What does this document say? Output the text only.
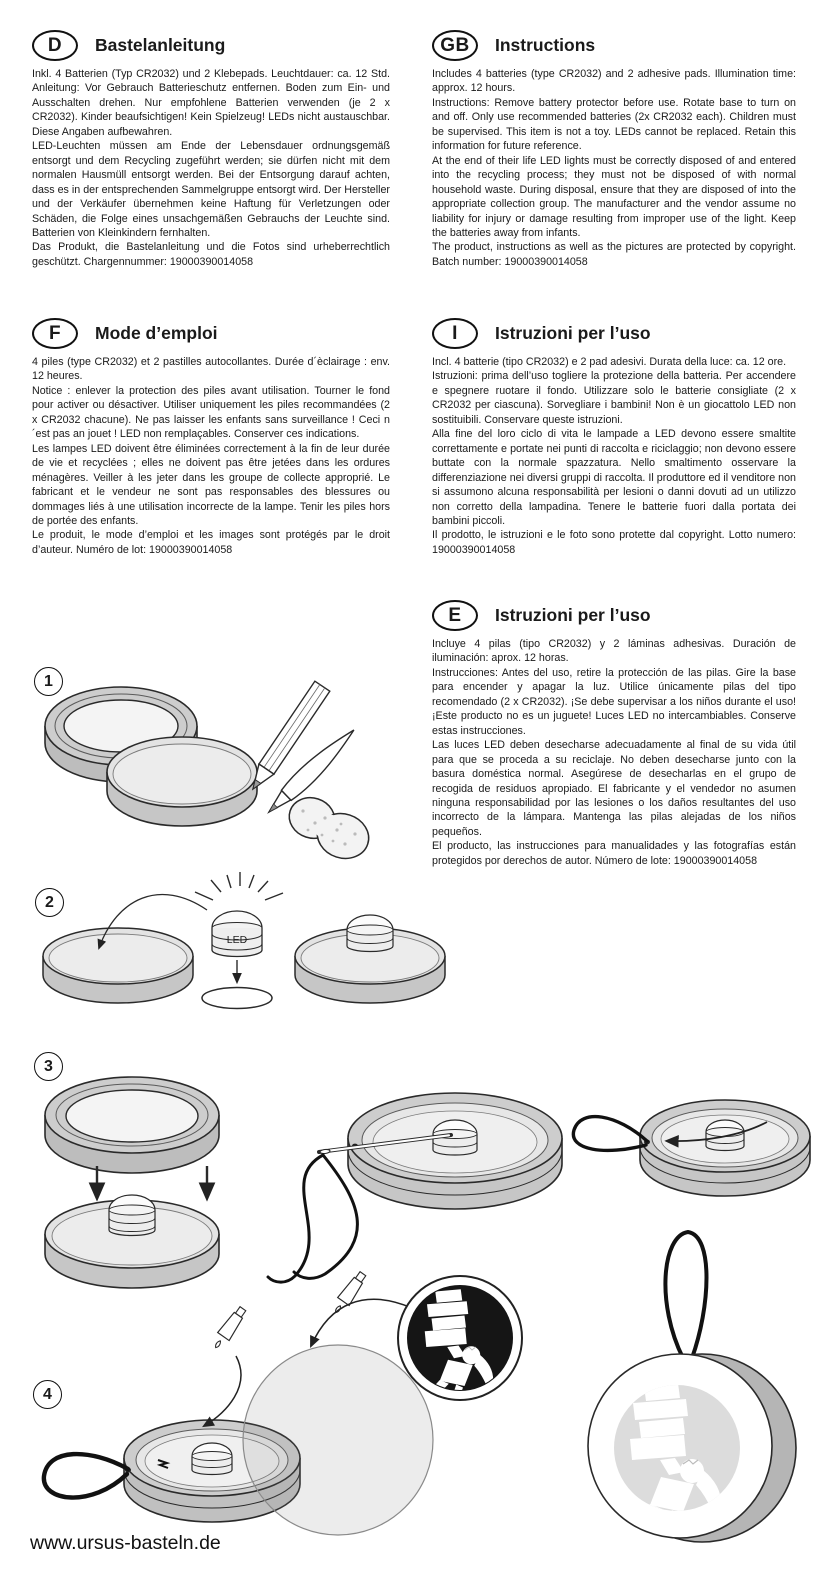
D	Bastelanleitung

Inkl. 4 Batterien (Typ CR2032) und 2 Klebepads. Leuchtdauer: ca. 12 Std. Anleitung: Vor Gebrauch Batterieschutz entfernen. Boden zum Ein- und Ausschalten drehen. Nur empfohlene Batterien verwenden (je 2 x CR2032). Kinder beaufsichtigen! Kein Spielzeug! LEDs nicht austauschbar. Diese Angaben aufbewahren.

LED-Leuchten müssen am Ende der Lebensdauer ordnungsgemäß entsorgt und dem Recycling zugeführt werden; sie dürfen nicht mit dem normalen Hausmüll entsorgt werden. Bei der Entsorgung darauf achten, dass es in der entsprechenden Sammelgruppe entsorgt wird. Der Hersteller und der Verkäufer übernehmen keine Haftung für Verletzungen oder Schäden, die Folge eines unsachgemäßen Gebrauchs der Leuchte sind. Batterien von Kleinkindern fernhalten.

Das Produkt, die Bastelanleitung und die Fotos sind urheberrechtlich geschützt. Chargennummer: 19000390014058

GB	Instructions

Includes 4 batteries (type CR2032) and 2 adhesive pads. Illumination time: approx. 12 hours.

Instructions: Remove battery protector before use. Rotate base to turn on and off. Only use recommended batteries (2x CR2032 each). Children must be supervised. This item is not a toy. LEDs cannot be replaced. Retain this information for future reference.

At the end of their life LED lights must be correctly disposed of and entered into the recycling process; they must not be disposed of with normal household waste. During disposal, ensure that they are disposed of into the appropriate collection group. The manufacturer and the vendor assume no liability for injury or damage resulting from improper use of the light. Keep the batteries away from infants.

The product, instructions as well as the pictures are protected by copyright. Batch number: 19000390014058

F	Mode d’emploi

4 piles (type CR2032) et 2 pastilles autocollantes. Durée d´èclairage : env. 12 heures.

Notice : enlever la protection des piles avant utilisation. Tourner le fond pour activer ou désactiver. Utiliser uniquement les piles recommandées (2 x CR2032 chacune). Ne pas laisser les enfants sans surveillance ! Ceci n´est pas an jouet ! LED non remplaçables. Conserver ces indications.

Les lampes LED doivent être éliminées correctement à la fin de leur durée de vie et recyclées ; elles ne doivent pas être jetées dans les ordures ménagères. Veiller à les jeter dans les groupe de collecte approprié. Le fabricant et le vendeur ne sont pas responsables des blessures ou dommages liés à une utilisation incorrecte de la lampe. Tenir les piles hors de portée des enfants.

Le produit, le mode d’emploi et les images sont protégés par le droit d’auteur. Numéro de lot: 19000390014058

I	Istruzioni per l’uso

Incl. 4 batterie (tipo CR2032) e 2 pad adesivi. Durata della luce: ca. 12 ore.

Istruzioni: prima dell’uso togliere la protezione della batteria. Per accendere e spegnere ruotare il fondo. Utilizzare solo le batterie consigliate (2 x CR2032 per ciascuna). Sorvegliare i bambini! Non è un giocattolo LED non sostituibili. Conservare queste istruzioni.

Alla fine del loro ciclo di vita le lampade a LED devono essere smaltite correttamente e portate nei punti di raccolta e riciclaggio; non devono essere buttate con la normale spazzatura. Nello smaltimento osservare la differenziazione nei diversi gruppi di raccolta. Il produttore ed il venditore non si assumono alcuna responsabilità per lesioni o danni dovuti ad un utilizzo non corretto della lampadina. Tenere le batterie fuori dalla portata dei bambini piccoli.

Il prodotto, le istruzioni e le foto sono protette dal copyright. Lotto numero: 19000390014058

E	Istruzioni per l’uso

Incluye 4 pilas (tipo CR2032) y 2 láminas adhesivas. Duración de iluminación: aprox. 12 horas.

Instrucciones: Antes del uso, retire la protección de las pilas. Gire la base para encender y apagar la luz. Utilice únicamente pilas del tipo recomendado (2 x CR2032). ¡Se debe supervisar a los niños durante el uso! ¡Este producto no es un juguete! Luces LED no intercambiables. Conserve estas instrucciones.

Las luces LED deben desecharse adecuadamente al final de su vida útil para que se proceda a su reciclaje. No deben desecharse junto con la basura doméstica normal. Asegúrese de desecharlas en el grupo de recogida de residuos apropiado. El fabricante y el vendedor no asumen ninguna responsabilidad por las lesiones o los daños resultantes del uso incorrecto de la lámpara. Mantenga las pilas alejadas de los niños pequeños.

El producto, las instrucciones para manualidades y las fotografías están protegidos por derechos de autor. Número de lote: 19000390014058

1
2
3
4
LED
www.ursus-basteln.de
